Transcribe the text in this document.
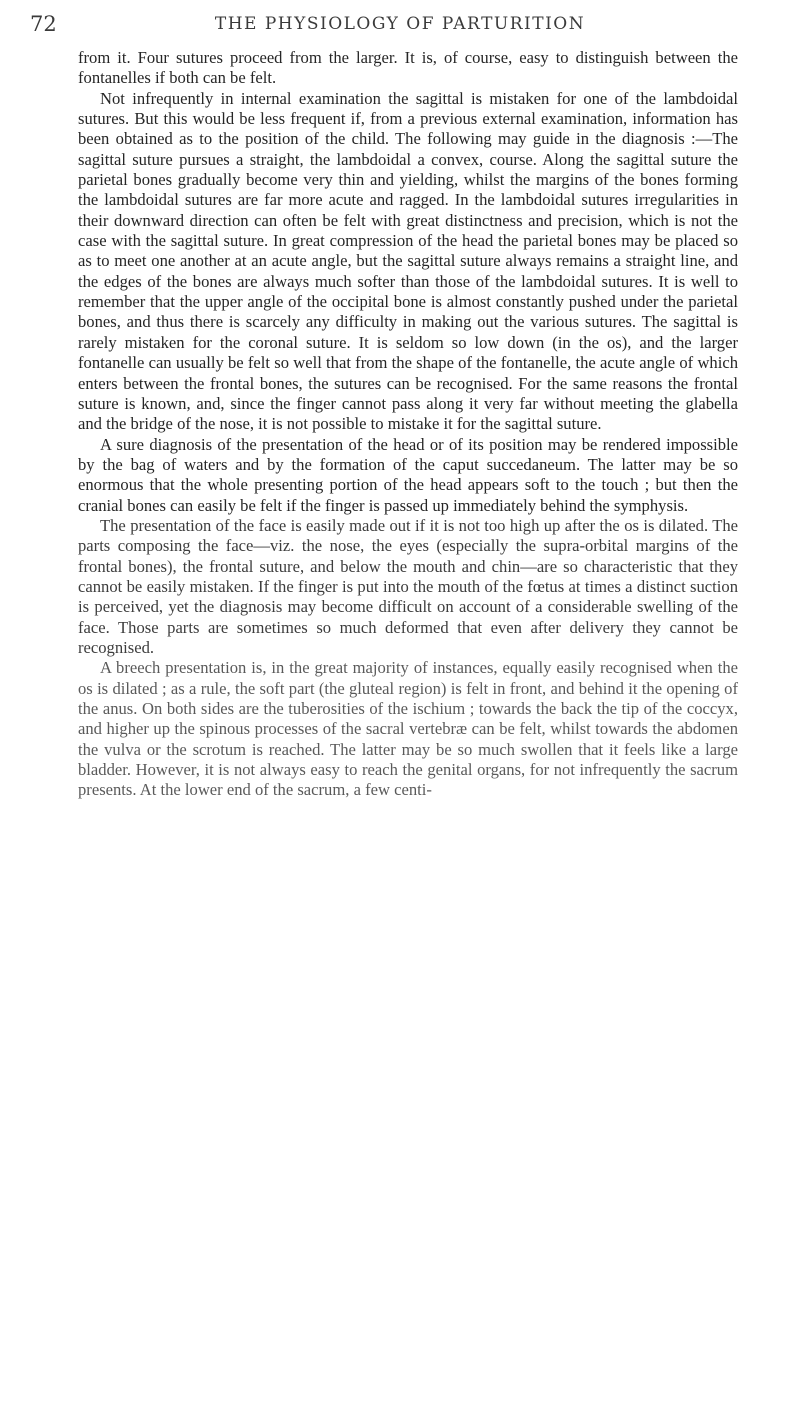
72	THE PHYSIOLOGY OF PARTURITION

from it. Four sutures proceed from the larger. It is, of course, easy to distinguish between the fontanelles if both can be felt.

Not infrequently in internal examination the sagittal is mistaken for one of the lambdoidal sutures. But this would be less frequent if, from a previous external examination, information has been obtained as to the position of the child. The following may guide in the diagnosis :—The sagittal suture pursues a straight, the lambdoidal a convex, course. Along the sagittal suture the parietal bones gradually become very thin and yielding, whilst the margins of the bones forming the lambdoidal sutures are far more acute and ragged. In the lambdoidal sutures irregularities in their downward direction can often be felt with great distinctness and precision, which is not the case with the sagittal suture. In great compression of the head the parietal bones may be placed so as to meet one another at an acute angle, but the sagittal suture always remains a straight line, and the edges of the bones are always much softer than those of the lambdoidal sutures. It is well to remember that the upper angle of the occipital bone is almost constantly pushed under the parietal bones, and thus there is scarcely any difficulty in making out the various sutures. The sagittal is rarely mistaken for the coronal suture. It is seldom so low down (in the os), and the larger fontanelle can usually be felt so well that from the shape of the fontanelle, the acute angle of which enters between the frontal bones, the sutures can be recognised. For the same reasons the frontal suture is known, and, since the finger cannot pass along it very far without meeting the glabella and the bridge of the nose, it is not possible to mistake it for the sagittal suture.

A sure diagnosis of the presentation of the head or of its position may be rendered impossible by the bag of waters and by the formation of the caput succedaneum. The latter may be so enormous that the whole presenting portion of the head appears soft to the touch ; but then the cranial bones can easily be felt if the finger is passed up immediately behind the symphysis.

The presentation of the face is easily made out if it is not too high up after the os is dilated. The parts composing the face—viz. the nose, the eyes (especially the supra-orbital margins of the frontal bones), the frontal suture, and below the mouth and chin—are so characteristic that they cannot be easily mistaken. If the finger is put into the mouth of the fœtus at times a distinct suction is perceived, yet the diagnosis may become difficult on account of a considerable swelling of the face. Those parts are sometimes so much deformed that even after delivery they cannot be recognised.

A breech presentation is, in the great majority of instances, equally easily recognised when the os is dilated ; as a rule, the soft part (the gluteal region) is felt in front, and behind it the opening of the anus. On both sides are the tuberosities of the ischium ; towards the back the tip of the coccyx, and higher up the spinous processes of the sacral vertebræ can be felt, whilst towards the abdomen the vulva or the scrotum is reached. The latter may be so much swollen that it feels like a large bladder. However, it is not always easy to reach the genital organs, for not infrequently the sacrum presents. At the lower end of the sacrum, a few centi-
